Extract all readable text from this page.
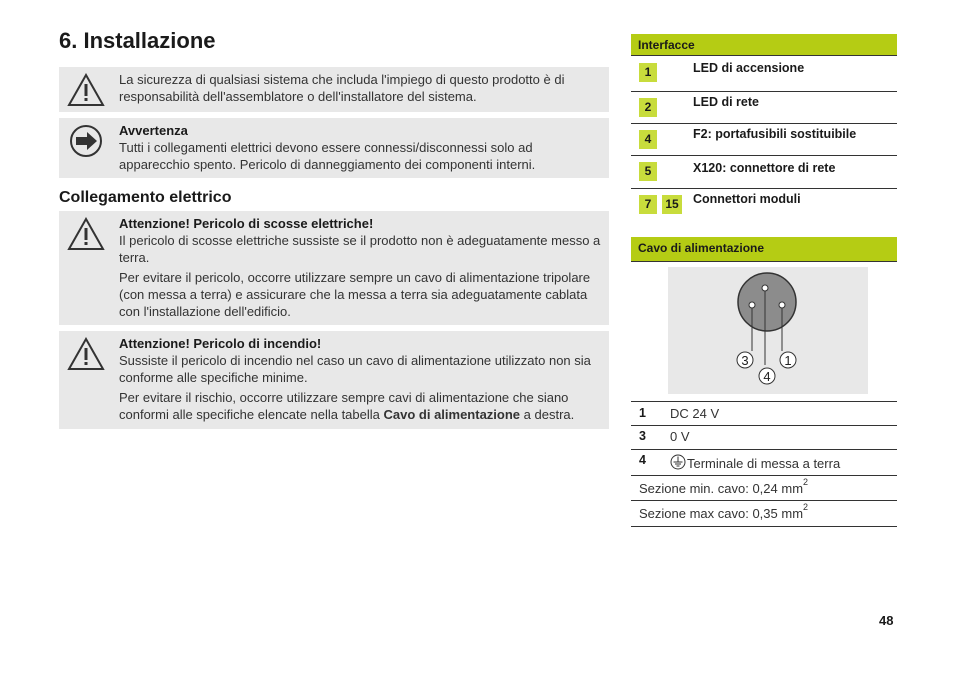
6. Installazione

La sicurezza di qualsiasi sistema che includa l'impiego di questo prodotto è di responsabilità dell'assemblatore o dell'installatore del sistema.

Avvertenza

Tutti i collegamenti elettrici devono essere connessi/disconnessi solo ad apparecchio spento. Pericolo di danneggiamento dei componenti interni.

Collegamento elettrico

Attenzione! Pericolo di scosse elettriche!

Il pericolo di scosse elettriche sussiste se il prodotto non è adeguatamente messo a terra.

Per evitare il pericolo, occorre utilizzare sempre un cavo di alimentazione tripolare (con messa a terra) e assicurare che la messa a terra sia adeguatamente cablata con l'installazione dell'edificio.

Attenzione! Pericolo di incendio!

Sussiste il pericolo di incendio nel caso un cavo di alimentazione utilizzato non sia conforme alle specifiche minime.

Per evitare il rischio, occorre utilizzare sempre cavi di alimentazione che siano conformi alle specifiche elencate nella tabella Cavo di alimentazione a destra.

Interfacce
1	LED di accensione
2	LED di rete
4	F2: portafusibili sostituibile
5	X120: connettore di rete
7	15 Connettori moduli
Cavo di alimentazione
3	1
4
1 DC 24 V
3 0 V
4	Terminale di messa a terra
Sezione min. cavo: 0,24 $mm^2$
Sezione max cavo: 0,35 $mm^2$
48
